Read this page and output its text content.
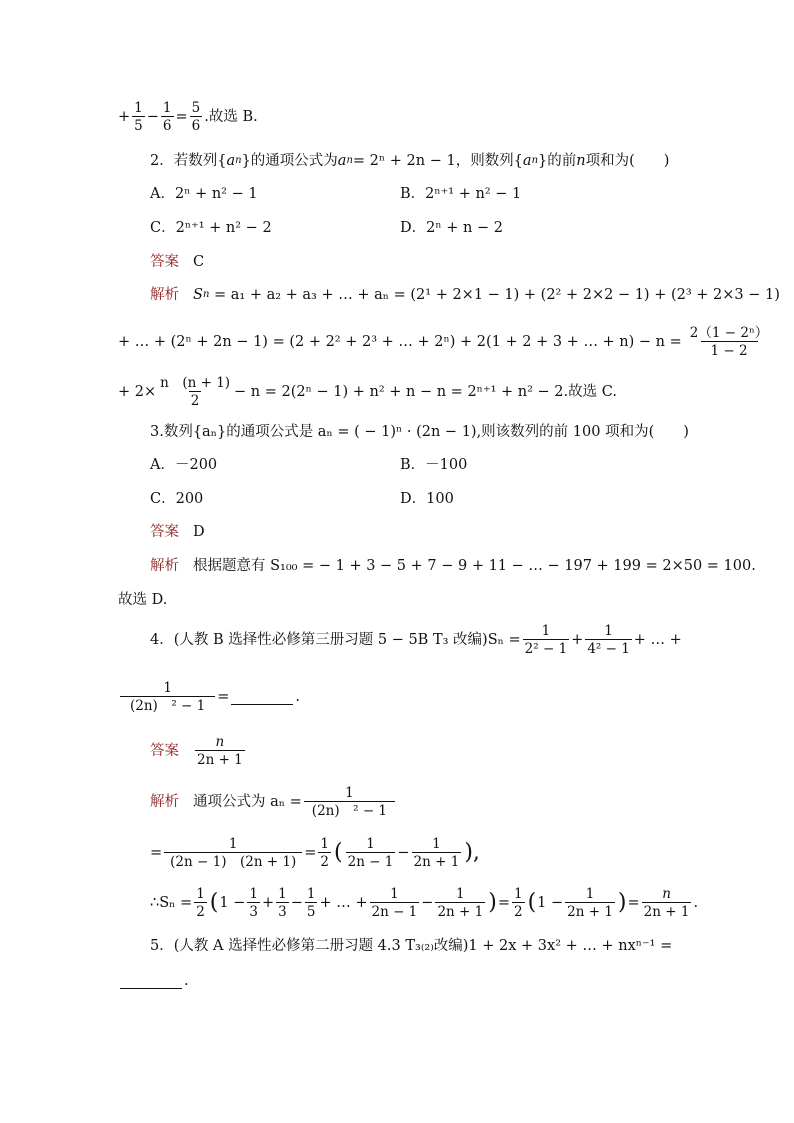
+ $\frac{1}{5} - \frac{1}{6} = \frac{5}{6}$ .故选 B.
2．若数列{ a n }的通项公式为 a n = 2ⁿ + 2n − 1，则数列{ a n }的前 n 项和为(　　)
A．2ⁿ + n² − 1	B．2ⁿ⁺¹ + n² − 1
C．2ⁿ⁺¹ + n² − 2	D．2ⁿ + n − 2
答案 C
解析 S n
= a₁ + a₂ + a₃ + … + aₙ = (2¹ + 2×1 − 1) + (2² + 2×2 − 1) + (2³ + 2×3 − 1)
+ … + (2ⁿ + 2n − 1) = (2 + 2² + 2³ + … + 2ⁿ) + 2(1 + 2 + 3 + … + $n) - n = \frac{\text{2（1 − 2ⁿ）}}{1 - 2}$
+ $2\times \frac{n (n + 1)}{2} - n = 2(2^n - 1) + n^2 + n - n = 2^{n+1} + n^2 - 2$.故选 C.
3.数列{aₙ}的通项公式是 aₙ = ( − 1)ⁿ · (2n − 1),则该数列的前 100 项和为(　　)
A．－200	B．－100
C．200	D．100
答案 D
解析 根据题意有 S₁₀₀ = − 1 + 3 − 5 + 7 − 9 + 11 − … − 197 + 199 = 2×50 = 100.
故选 D.
4．(人教 B 选择性必修第三册习题 5 − 5B T₃ 改编)$S_n = \frac{1}{\text{2² − 1}} + \frac{1}{\text{4² − 1}}$ + … +
$\frac{1}{\text{(2n)　² − 1}}$ =	.
答案 $\frac{n}{2n + 1}$
解析 通项公式为 $a_n = \frac{1}{\text{(2n)　² − 1}}$
= $\frac{1}{(2n - 1) (2n + 1)} = \frac{1}{2}$ ( $\frac{1}{2n - 1} - \frac{1}{2n + 1}$ ),
∴Sₙ = $\frac{1}{2}$ ( $1 - \frac{1}{3} + \frac{1}{3} - \frac{1}{5}$ + … + $\frac{1}{2n - 1} - \frac{1}{2n + 1}$ ) = $\frac{1}{2}$ ( $1 - \frac{1}{2n + 1}$ ) = $\frac{n}{2n + 1}$ .
5．(人教 A 选择性必修第二册习题 4.3 T₃₍₂₎改编)1 + 2x + 3x² + … + nxⁿ⁻¹ =
.
